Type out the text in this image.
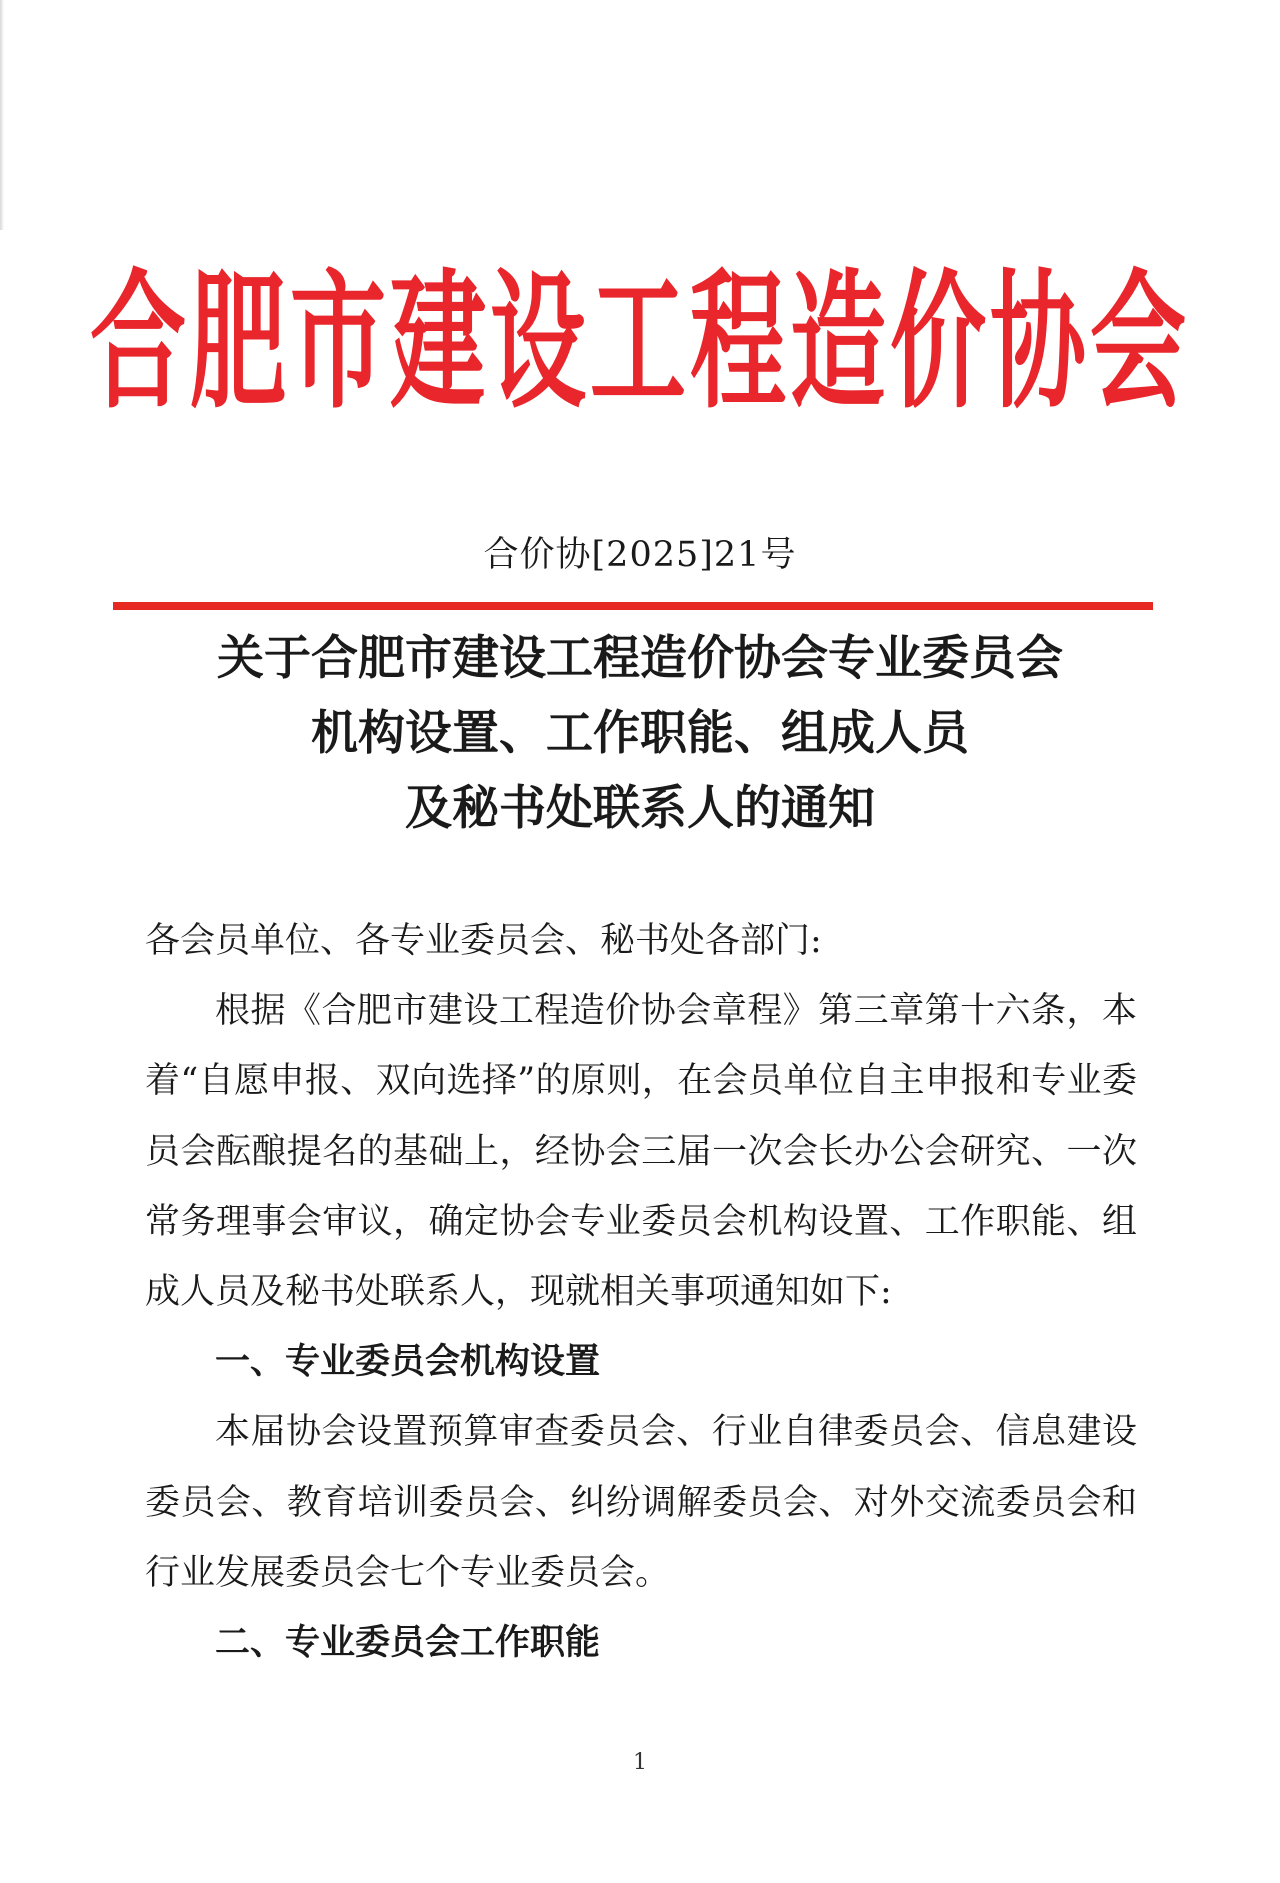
合肥市建设工程造价协会
合价协[2025]21号
关于合肥市建设工程造价协会专业委员会
机构设置、工作职能、组成人员
及秘书处联系人的通知

各会员单位、各专业委员会、秘书处各部门:

根据《合肥市建设工程造价协会章程》第三章第十六条，本着“自愿申报、双向选择”的原则，在会员单位自主申报和专业委员会酝酿提名的基础上，经协会三届一次会长办公会研究、一次常务理事会审议，确定协会专业委员会机构设置、工作职能、组成人员及秘书处联系人，现就相关事项通知如下:

一、专业委员会机构设置

本届协会设置预算审查委员会、行业自律委员会、信息建设委员会、教育培训委员会、纠纷调解委员会、对外交流委员会和行业发展委员会七个专业委员会。

二、专业委员会工作职能

1
